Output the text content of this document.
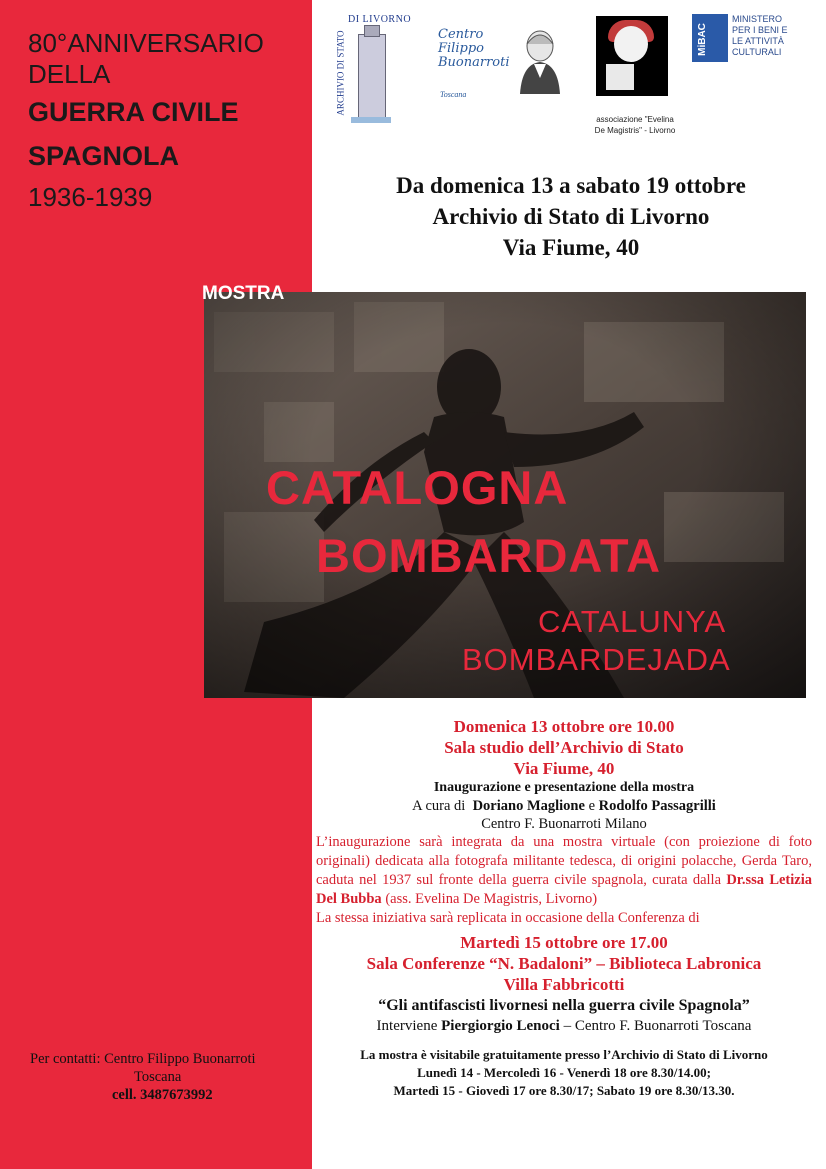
80°ANNIVERSARIO
DELLA
GUERRA CIVILE
SPAGNOLA
1936-1939
DI LIVORNO
ARCHIVIO DI STATO	Centro
Filippo
Buonarroti
Toscana
associazione "Evelina
De Magistris" - Livorno
MiBAC
MINISTERO
PER I BENI E
LE ATTIVITÀ
CULTURALI
Da domenica 13 a sabato 19 ottobre
Archivio di Stato di Livorno
Via Fiume, 40
CATALOGNA
BOMBARDATA
CATALUNYA
BOMBARDEJADA
MOSTRA
Domenica 13 ottobre ore 10.00
Sala studio dell’Archivio di Stato
Via Fiume, 40
Inaugurazione e presentazione della mostra
A cura di Doriano Maglione e Rodolfo Passagrilli
Centro F. Buonarroti Milano
L’inaugurazione sarà integrata da una mostra virtuale (con proiezione di foto originali) dedicata alla fotografa militante tedesca, di origini polacche, Gerda Taro, caduta nel 1937 sul fronte della guerra civile spagnola, curata dalla Dr.ssa Letizia Del Bubba (ass. Evelina De Magistris, Livorno)
La stessa iniziativa sarà replicata in occasione della Conferenza di
Martedì 15 ottobre ore 17.00
Sala Conferenze “N. Badaloni” – Biblioteca Labronica
Villa Fabbricotti
“Gli antifascisti livornesi nella guerra civile Spagnola”
Interviene Piergiorgio Lenoci – Centro F. Buonarroti Toscana
La mostra è visitabile gratuitamente presso l’Archivio di Stato di Livorno
Lunedì 14 - Mercoledì 16 - Venerdì 18 ore 8.30/14.00;
Martedì 15 - Giovedì 17 ore 8.30/17; Sabato 19 ore 8.30/13.30.
Per contatti: Centro Filippo Buonarroti
Toscana
cell. 3487673992
